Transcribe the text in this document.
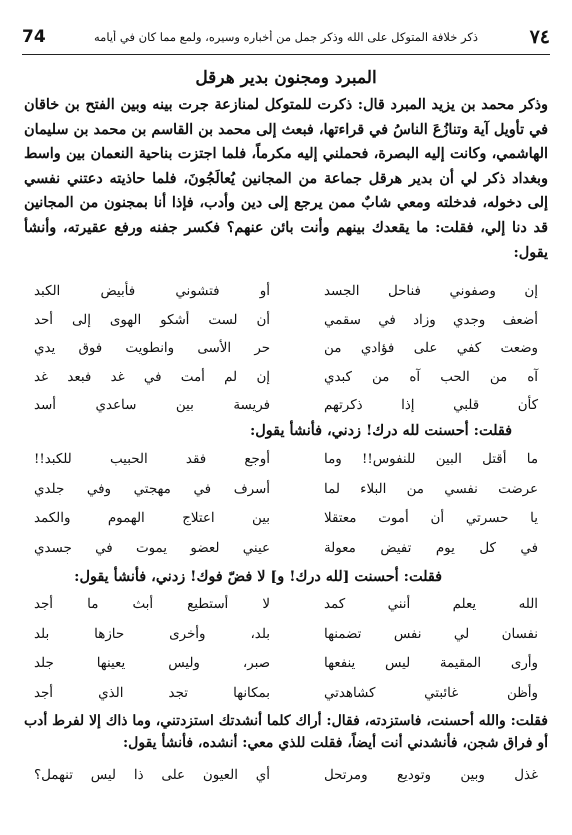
74	ذكر خلافة المتوكل على الله وذكر جمل من أخباره وسيره، ولمع مما كان في أيامه	٧٤
المبرد ومجنون بدير هرقل
وذكر محمد بن يزيد المبرد قال: ذكرت للمتوكل لمنازعة جرت بينه وبين الفتح بن خاقان في تأويل آية وتنازُعَ الناسُ في قراءتها، فبعث إلى محمد بن القاسم بن محمد بن سليمان الهاشمي، وكانت إليه البصرة، فحملني إليه مكرماً، فلما اجتزت بناحية النعمان بين واسط وبغداد ذكر لي أن بدير هرقل جماعة من المجانين يُعالَجُونَ، فلما حاذيته دعتني نفسي إلى دخوله، فدخلته ومعي شابٌ ممن يرجع إلى دين وأدب، فإذا أنا بمجنون من المجانين قد دنا إلي، فقلت: ما يقعدك بينهم وأنت بائن عنهم؟ فكسر جفنه ورفع عقيرته، وأنشأ يقول:
إن وصفوني فناحل الجسد
أو فتشوني فأبيض الكبد
أضعف وجدي وزاد في سقمي
أن لست أشكو الهوى إلى أحد
وضعت كفي على فؤادي من
حر الأسى وانطويت فوق يدي
آه من الحب آه من كبدي
إن لم أمت في غد فبعد غد
كأن قلبي إذا ذكرتهم
فريسة بين ساعدي أسد
فقلت: أحسنت لله درك! زدني، فأنشأ يقول:
ما أقتل البين للنفوس!! وما
أوجع فقد الحبيب للكبد!!
عرضت نفسي من البلاء لما
أسرف في مهجتي وفي جلدي
يا حسرتي أن أموت معتقلا
بين اعتلاج الهموم والكمد
في كل يوم تفيض معولة
عيني لعضو يموت في جسدي
فقلت: أحسنت [لله درك! و] لا فضّ فوك! زدني، فأنشأ يقول:
الله يعلم أنني كمد
لا أستطيع أبث ما أجد
نفسان لي نفس تضمنها
بلد، وأخرى حازها بلد
وأرى المقيمة ليس ينفعها
صبر، وليس يعينها جلد
وأظن غائبتي كشاهدتي
بمكانها تجد الذي أجد
فقلت: والله أحسنت، فاستزدته، فقال: أراك كلما أنشدتك استزدتني، وما ذاك إلا لفرط أدب أو فراق شجن، فأنشدني أنت أيضاً، فقلت للذي معي: أنشده، فأنشأ يقول:
غذل وبين وتوديع ومرتحل
أي العيون على ذا ليس تنهمل؟
